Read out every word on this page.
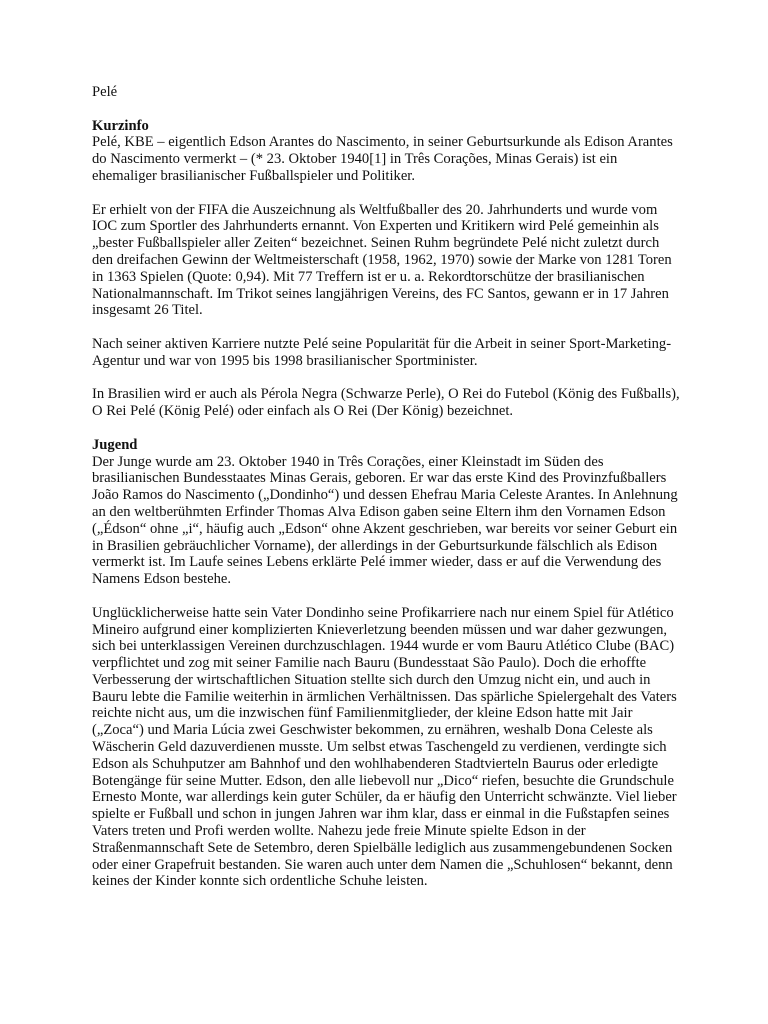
Pelé

Kurzinfo

Pelé, KBE – eigentlich Edson Arantes do Nascimento, in seiner Geburtsurkunde als Edison Arantes do Nascimento vermerkt – (* 23. Oktober 1940[1] in Três Corações, Minas Gerais) ist ein ehemaliger brasilianischer Fußballspieler und Politiker.

Er erhielt von der FIFA die Auszeichnung als Weltfußballer des 20. Jahrhunderts und wurde vom IOC zum Sportler des Jahrhunderts ernannt. Von Experten und Kritikern wird Pelé gemeinhin als „bester Fußballspieler aller Zeiten“ bezeichnet. Seinen Ruhm begründete Pelé nicht zuletzt durch den dreifachen Gewinn der Weltmeisterschaft (1958, 1962, 1970) sowie der Marke von 1281 Toren in 1363 Spielen (Quote: 0,94). Mit 77 Treffern ist er u. a. Rekordtorschütze der brasilianischen Nationalmannschaft. Im Trikot seines langjährigen Vereins, des FC Santos, gewann er in 17 Jahren insgesamt 26 Titel.

Nach seiner aktiven Karriere nutzte Pelé seine Popularität für die Arbeit in seiner Sport-Marketing-Agentur und war von 1995 bis 1998 brasilianischer Sportminister.

In Brasilien wird er auch als Pérola Negra (Schwarze Perle), O Rei do Futebol (König des Fußballs), O Rei Pelé (König Pelé) oder einfach als O Rei (Der König) bezeichnet.

Jugend

Der Junge wurde am 23. Oktober 1940 in Três Corações, einer Kleinstadt im Süden des brasilianischen Bundesstaates Minas Gerais, geboren. Er war das erste Kind des Provinzfußballers João Ramos do Nascimento („Dondinho“) und dessen Ehefrau Maria Celeste Arantes. In Anlehnung an den weltberühmten Erfinder Thomas Alva Edison gaben seine Eltern ihm den Vornamen Edson („Édson“ ohne „i“, häufig auch „Edson“ ohne Akzent geschrieben, war bereits vor seiner Geburt ein in Brasilien gebräuchlicher Vorname), der allerdings in der Geburtsurkunde fälschlich als Edison vermerkt ist. Im Laufe seines Lebens erklärte Pelé immer wieder, dass er auf die Verwendung des Namens Edson bestehe.

Unglücklicherweise hatte sein Vater Dondinho seine Profikarriere nach nur einem Spiel für Atlético Mineiro aufgrund einer komplizierten Knieverletzung beenden müssen und war daher gezwungen, sich bei unterklassigen Vereinen durchzuschlagen. 1944 wurde er vom Bauru Atlético Clube (BAC) verpflichtet und zog mit seiner Familie nach Bauru (Bundesstaat São Paulo). Doch die erhoffte Verbesserung der wirtschaftlichen Situation stellte sich durch den Umzug nicht ein, und auch in Bauru lebte die Familie weiterhin in ärmlichen Verhältnissen. Das spärliche Spielergehalt des Vaters reichte nicht aus, um die inzwischen fünf Familienmitglieder, der kleine Edson hatte mit Jair („Zoca“) und Maria Lúcia zwei Geschwister bekommen, zu ernähren, weshalb Dona Celeste als Wäscherin Geld dazuverdienen musste. Um selbst etwas Taschengeld zu verdienen, verdingte sich Edson als Schuhputzer am Bahnhof und den wohlhabenderen Stadtvierteln Baurus oder erledigte Botengänge für seine Mutter. Edson, den alle liebevoll nur „Dico“ riefen, besuchte die Grundschule Ernesto Monte, war allerdings kein guter Schüler, da er häufig den Unterricht schwänzte. Viel lieber spielte er Fußball und schon in jungen Jahren war ihm klar, dass er einmal in die Fußstapfen seines Vaters treten und Profi werden wollte. Nahezu jede freie Minute spielte Edson in der Straßenmannschaft Sete de Setembro, deren Spielbälle lediglich aus zusammengebundenen Socken oder einer Grapefruit bestanden. Sie waren auch unter dem Namen die „Schuhlosen“ bekannt, denn keines der Kinder konnte sich ordentliche Schuhe leisten.
